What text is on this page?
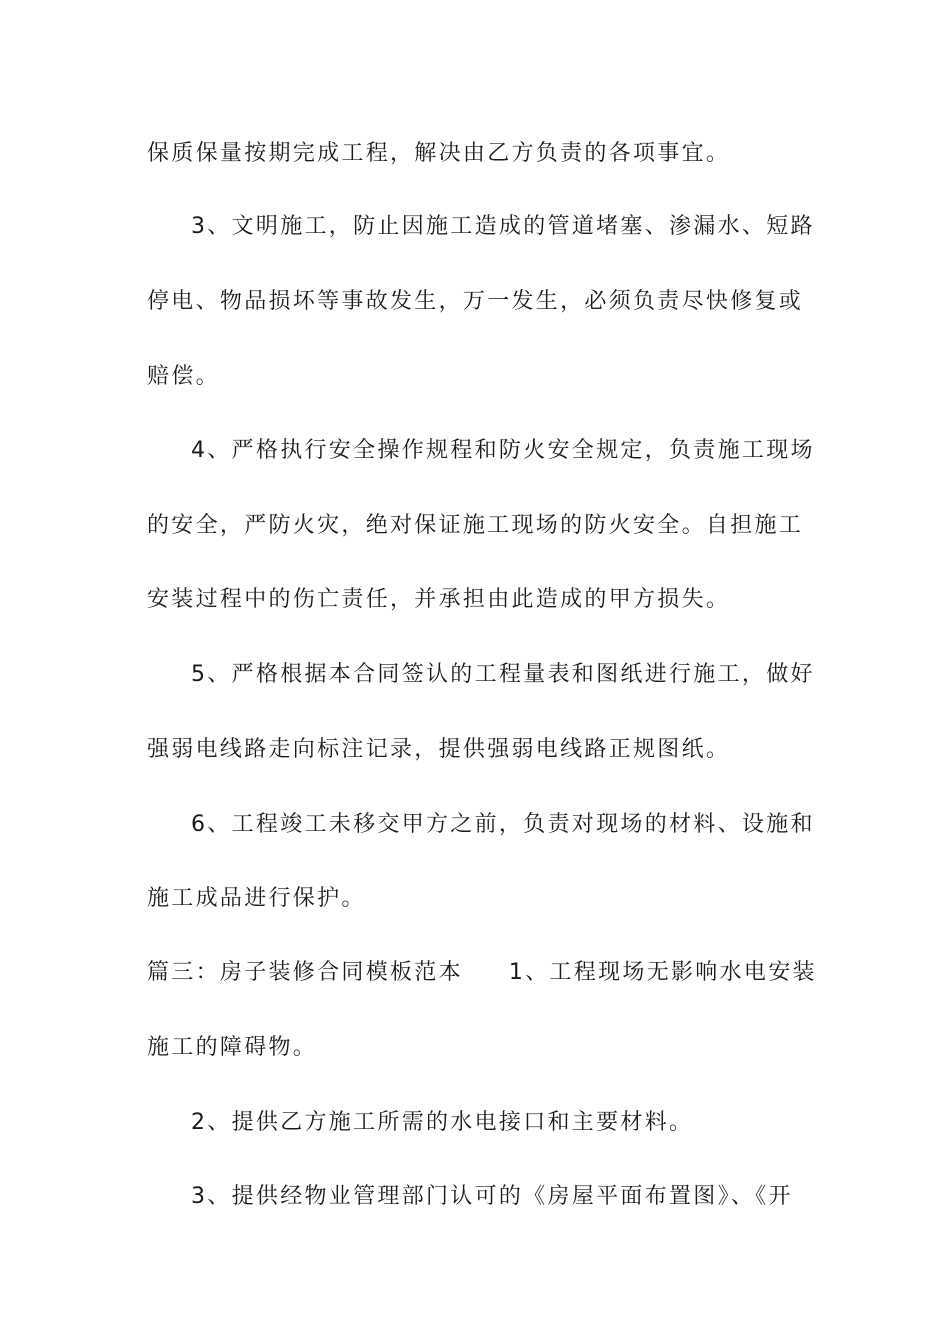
保质保量按期完成工程，解决由乙方负责的各项事宜。
3、文明施工，防止因施工造成的管道堵塞、渗漏水、短路
停电、物品损坏等事故发生，万一发生，必须负责尽快修复或
赔偿。
4、严格执行安全操作规程和防火安全规定，负责施工现场
的安全，严防火灾，绝对保证施工现场的防火安全。自担施工
安装过程中的伤亡责任，并承担由此造成的甲方损失。
5、严格根据本合同签认的工程量表和图纸进行施工，做好
强弱电线路走向标注记录，提供强弱电线路正规图纸。
6、工程竣工未移交甲方之前，负责对现场的材料、设施和
施工成品进行保护。
篇三：房子装修合同模板范本 1、工程现场无影响水电安装
施工的障碍物。
2、提供乙方施工所需的水电接口和主要材料。
3、提供经物业管理部门认可的《房屋平面布置图》、《开
